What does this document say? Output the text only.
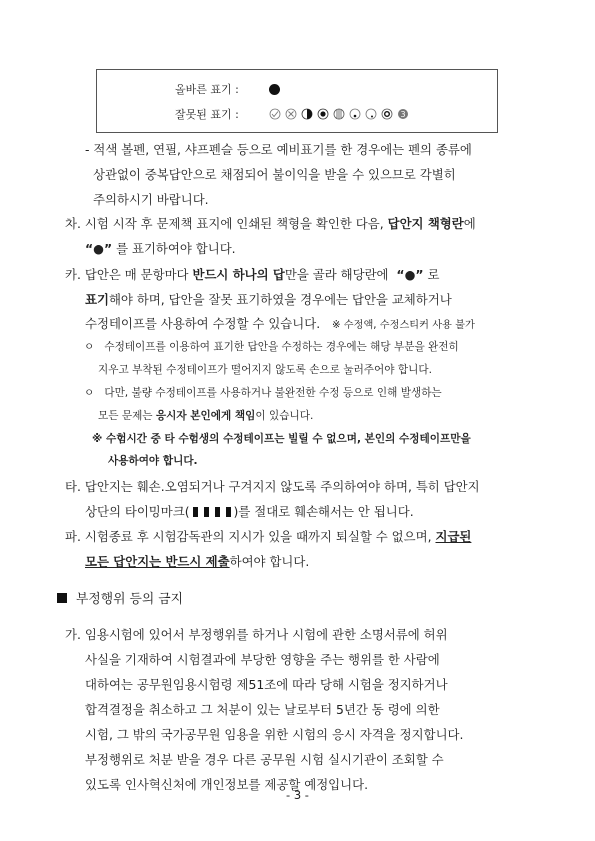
올바른 표기 :
잘못된 표기 :	3
- 적색 볼펜, 연필, 샤프펜슬 등으로 예비표기를 한 경우에는 펜의 종류에
상관없이 중복답안으로 채점되어 불이익을 받을 수 있으므로 각별히
주의하시기 바랍니다.
차. 시험 시작 후 문제책 표지에 인쇄된 책형을 확인한 다음, 답안지 책형란에
“●” 를 표기하여야 합니다.
카. 답안은 매 문항마다 반드시 하나의 답만을 골라 해당란에 “●” 로
표기해야 하며, 답안을 잘못 표기하였을 경우에는 답안을 교체하거나
수정테이프를 사용하여 수정할 수 있습니다. ※ 수정액, 수정스티커 사용 불가
ㅇ 수정테이프를 이용하여 표기한 답안을 수정하는 경우에는 해당 부분을 완전히
지우고 부착된 수정테이프가 떨어지지 않도록 손으로 눌러주어야 합니다.
ㅇ 다만, 불량 수정테이프를 사용하거나 불완전한 수정 등으로 인해 발생하는
모든 문제는 응시자 본인에게 책임이 있습니다.
※ 수험시간 중 타 수험생의 수정테이프는 빌릴 수 없으며, 본인의 수정테이프만을
사용하여야 합니다.
타. 답안지는 훼손․오염되거나 구겨지지 않도록 주의하여야 하며, 특히 답안지
상단의 타이밍마크(	)를 절대로 훼손해서는 안 됩니다.
파. 시험종료 후 시험감독관의 지시가 있을 때까지 퇴실할 수 없으며, 지급된
모든 답안지는 반드시 제출하여야 합니다.
부정행위 등의 금지
가. 임용시험에 있어서 부정행위를 하거나 시험에 관한 소명서류에 허위
사실을 기재하여 시험결과에 부당한 영향을 주는 행위를 한 사람에
대하여는 공무원임용시험령 제51조에 따라 당해 시험을 정지하거나
합격결정을 취소하고 그 처분이 있는 날로부터 5년간 동 령에 의한
시험, 그 밖의 국가공무원 임용을 위한 시험의 응시 자격을 정지합니다.
부정행위로 처분 받을 경우 다른 공무원 시험 실시기관이 조회할 수
있도록 인사혁신처에 개인정보를 제공할 예정입니다.
- 3 -
